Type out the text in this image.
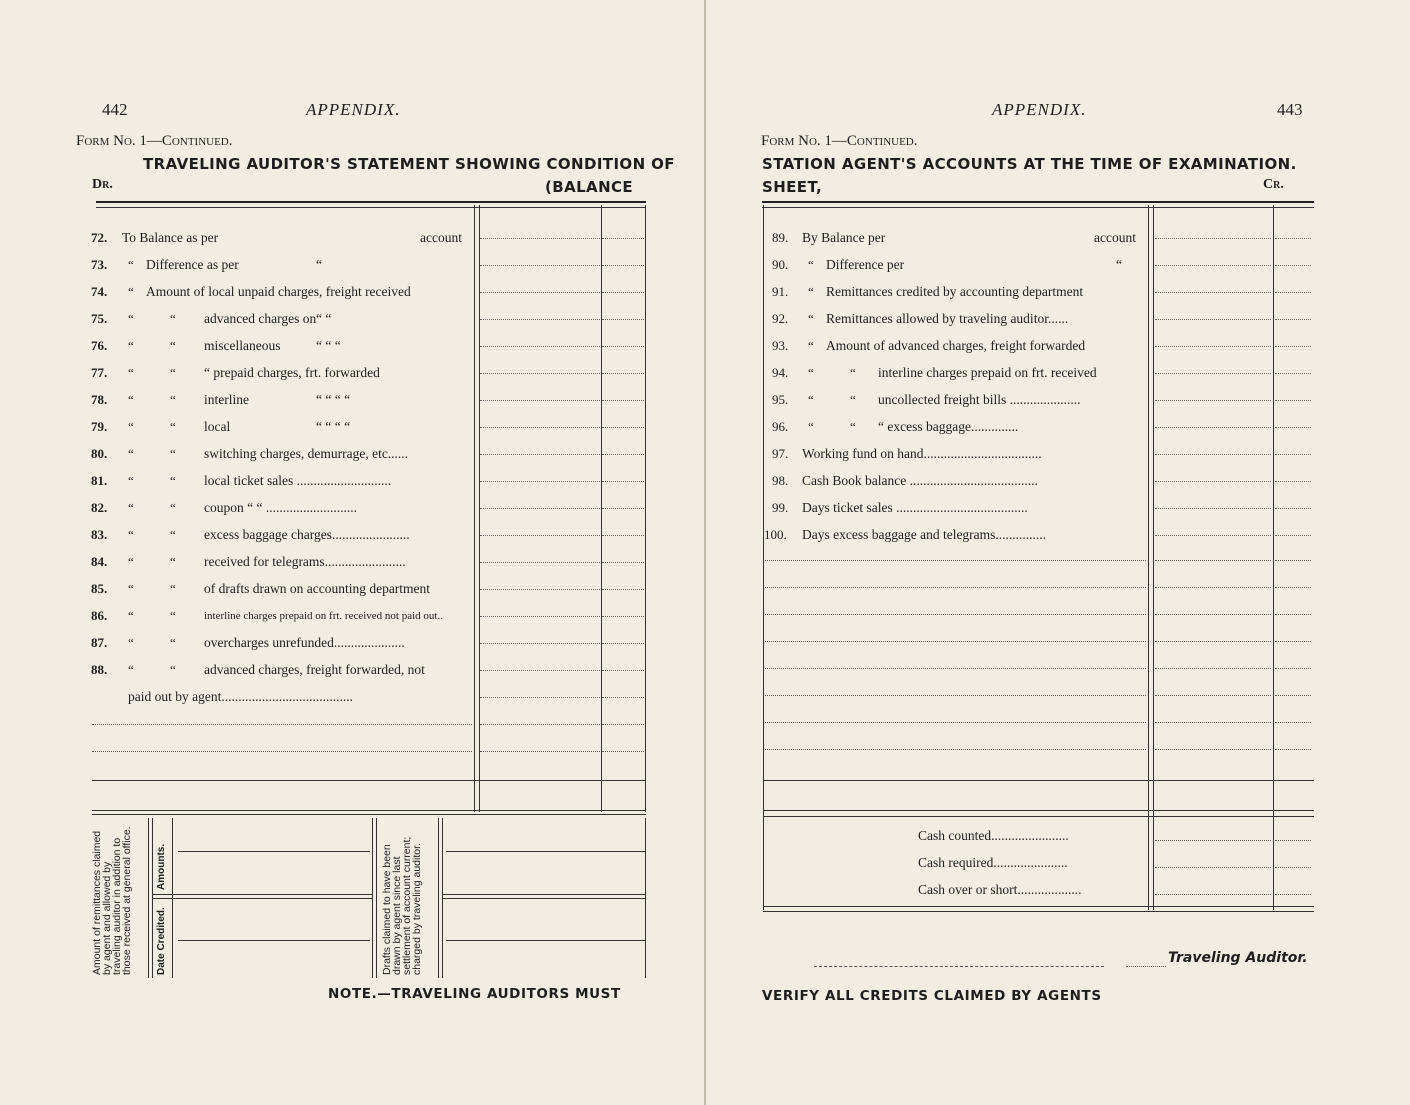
442	APPENDIX.
Form No. 1—Continued.
TRAVELING AUDITOR'S STATEMENT SHOWING CONDITION OF
Dr.	(BALANCE
72. To Balance as per	account
73. “ Difference as per	“
74. “ Amount of local unpaid charges, freight received
75. “	“ advanced charges on “ “
76. “	“ miscellaneous	“ “ “
77. “	“ “ prepaid charges, frt. forwarded
78. “	“ interline	“ “ “ “
79. “	“ local	“ “ “ “
80. “	“ switching charges, demurrage, etc......
81. “	“ local ticket sales ............................
82. “	“ coupon “ “ ...........................
83. “	“ excess baggage charges.......................
84. “	“ received for telegrams........................
85. “	“ of drafts drawn on accounting department
86. “	“	interline charges prepaid on frt. received not paid out..
87. “	“ overcharges unrefunded.....................
88. “	“ advanced charges, freight forwarded, not
paid out by agent.......................................
Amount of remittances claimed by agent and allowed by traveling auditor in addition to those received at general office. Amounts.
Date Credited.	Drafts claimed to have been drawn by agent since last settlement of account current; charged by traveling auditor.
NOTE.—TRAVELING AUDITORS MUST
APPENDIX.	443
Form No. 1—Continued.
STATION AGENT'S ACCOUNTS AT THE TIME OF EXAMINATION.
SHEET,	Cr.
89. By Balance per	account
90. “ Difference per	“
91. “ Remittances credited by accounting department
92. “ Remittances allowed by traveling auditor......
93. “ Amount of advanced charges, freight forwarded
94. “	“ interline charges prepaid on frt. received
95. “	“ uncollected freight bills .....................
96. “	“ “ excess baggage..............
97. Working fund on hand...................................
98. Cash Book balance ......................................
99. Days ticket sales .......................................
100. Days excess baggage and telegrams...............
Cash counted.......................
Cash required......................
Cash over or short...................
Traveling Auditor.
VERIFY ALL CREDITS CLAIMED BY AGENTS
